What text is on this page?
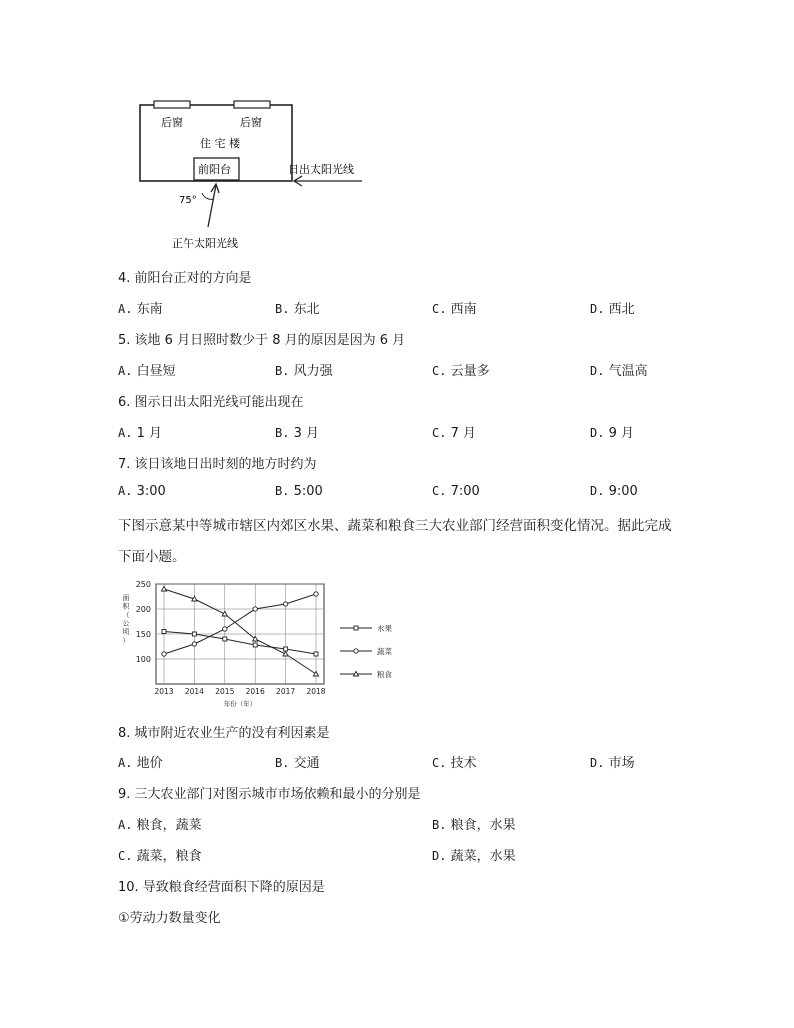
后窗	后窗
住 宅 楼
前阳台	日出太阳光线
75°
正午太阳光线
4. 前阳台正对的方向是
A. 东南	B. 东北	C. 西南	D. 西北
5. 该地 6 月日照时数少于 8 月的原因是因为 6 月
A. 白昼短	B. 风力强	C. 云量多	D. 气温高
6. 图示日出太阳光线可能出现在
A. 1 月	B. 3 月	C. 7 月	D. 9 月
7. 该日该地日出时刻的地方时约为
A. 3:00	B. 5:00	C. 7:00	D. 9:00
下图示意某中等城市辖区内郊区水果、蔬菜和粮食三大农业部门经营面积变化情况。据此完成
下面小题。
100
150
200
250
2013 2014 2015 2016 2017 2018
年份（年）
面
积
（
公
顷
）
水果
蔬菜
粮食
8. 城市附近农业生产的没有利因素是
A. 地价	B. 交通	C. 技术	D. 市场
9. 三大农业部门对图示城市市场依赖和最小的分别是
A. 粮食，蔬菜	B. 粮食，水果
C. 蔬菜，粮食	D. 蔬菜，水果
10. 导致粮食经营面积下降的原因是
①劳动力数量变化
